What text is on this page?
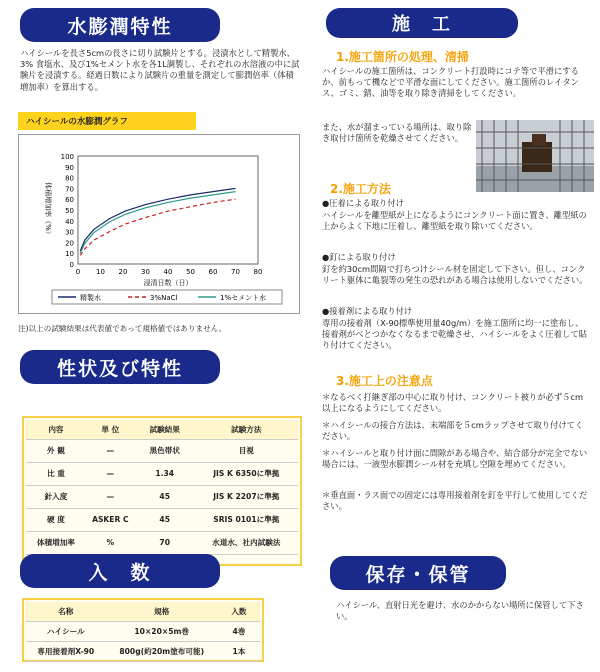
水膨潤特性
ハイシールを長さ5cmの長さに切り試験片とする。浸漬水として精製水、3% 食塩水、及び1%セメント水を各1L調製し、それぞれの水溶液の中に試験片を浸漬する。経過日数により試験片の重量を測定して膨潤倍率（体積増加率）を算出する。
ハイシールの水膨潤グラフ
0
10
20
30
40
50
60
70
80
90
100
0 10 20 30 40 50 60 70 80
浸清日数（日）
体積増加率（%）
精製水	3%NaCl	1%セメント水
注)以上の試験結果は代表値であって規格値ではありません。
性状及び特性
内容	単 位	試験結果	試験方法
外 観	—	黒色帯状	目視
比 重	—	1.34	JIS K 6350に準拠
針入度	—	45	JIS K 2207に準拠
硬 度	ASKER C	45	SRIS 0101に準拠
体積増加率	%	70	水道水、社内試験法
入　数
名称	規格	入数
ハイシール	10×20×5m巻	4巻
専用接着剤X-90	800g(約20m塗布可能)	1本
施　工
1.施工箇所の処理、清掃
ハイシールの施工箇所は、コンクリート打設時にコテ等で平滑にするか、前もって機などで平滑な面にしてください。施工箇所のレイタンス、ゴミ、錆、油等を取り除き清掃をしてください。
また、水が溜まっている場所は、取り除き取付け箇所を乾燥させてください。
2.施工方法
●圧着による取り付け
ハイシールを離型紙が上になるようにコンクリート面に置き、離型紙の上からよく下地に圧着し、離型紙を取り除いてください。
●釘による取り付け
釘を約30cm間隔で打ちつけシール材を固定して下さい。但し、コンクリート躯体に亀裂等の発生の恐れがある場合は使用しないでください。
●接着剤による取り付け
専用の接着剤（X-90標準使用量40g/m）を施工箇所に均一に塗布し、接着剤がべとつかなくなるまで乾燥させ、ハイシールをよく圧着して貼り付けてください。
3.施工上の注意点
＊なるべく打継ぎ部の中心に取り付け、コンクリート被りが必ず５cm以上になるようにしてください。
＊ハイシールの接合方法は、末端部を５cmラップさせて取り付けてください。
＊ハイシールと取り付け面に間隙がある場合や、結合部分が完全でない場合には、一液型水膨潤シール材を充填し空隙を埋めてください。
＊垂直面・ラス面での固定には専用接着剤を釘を平行して使用してください。
保存・保管
ハイシール、直射日光を避け、水のかからない場所に保管して下さい。
